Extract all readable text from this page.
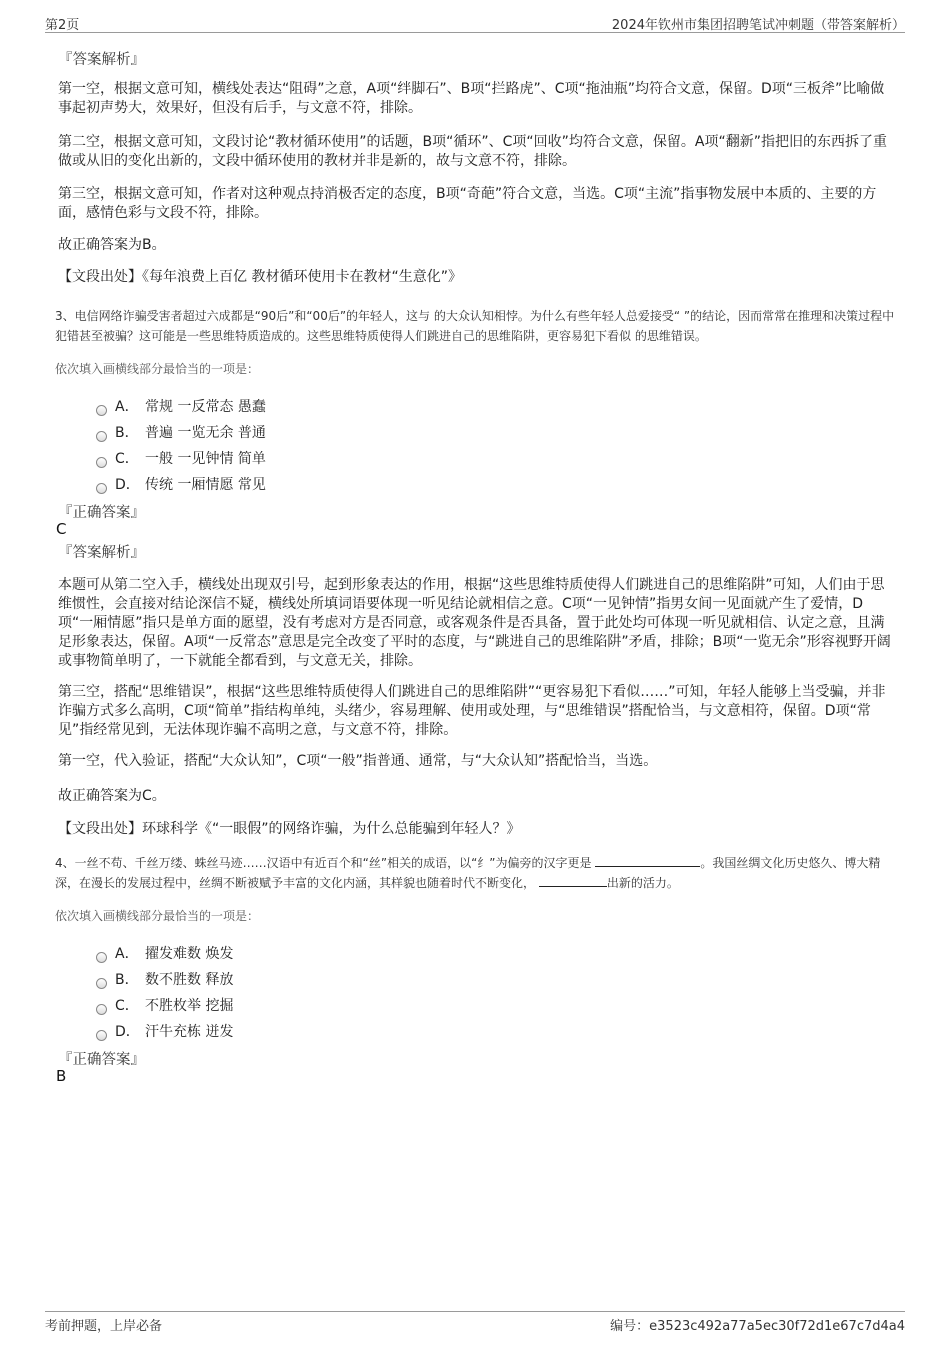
第2页	2024年钦州市集团招聘笔试冲刺题（带答案解析）
『答案解析』
第一空，根据文意可知，横线处表达“阻碍”之意，A项“绊脚石”、B项“拦路虎”、C项“拖油瓶”均符合文意，保留。D项“三板斧”比喻做事起初声势大，效果好，但没有后手，与文意不符，排除。
第二空，根据文意可知，文段讨论“教材循环使用”的话题，B项“循环”、C项“回收”均符合文意，保留。A项“翻新”指把旧的东西拆了重做或从旧的变化出新的，文段中循环使用的教材并非是新的，故与文意不符，排除。
第三空，根据文意可知，作者对这种观点持消极否定的态度，B项“奇葩”符合文意，当选。C项“主流”指事物发展中本质的、主要的方面，感情色彩与文段不符，排除。
故正确答案为B。
【文段出处】《每年浪费上百亿 教材循环使用卡在教材“生意化”》
3、电信网络诈骗受害者超过六成都是“90后”和“00后”的年轻人，这与 的大众认知相悖。为什么有些年轻人总爱接受“ ”的结论，因而常常在推理和决策过程中犯错甚至被骗？这可能是一些思维特质造成的。这些思维特质使得人们跳进自己的思维陷阱，更容易犯下看似 的思维错误。
依次填入画横线部分最恰当的一项是：
A． 常规 一反常态 愚蠢
B． 普遍 一览无余 普通
C． 一般 一见钟情 简单
D． 传统 一厢情愿 常见
『正确答案』
C
『答案解析』
本题可从第二空入手，横线处出现双引号，起到形象表达的作用，根据“这些思维特质使得人们跳进自己的思维陷阱”可知，人们由于思维惯性，会直接对结论深信不疑，横线处所填词语要体现一听见结论就相信之意。C项“一见钟情”指男女间一见面就产生了爱情，D项“一厢情愿”指只是单方面的愿望，没有考虑对方是否同意，或客观条件是否具备，置于此处均可体现一听见就相信、认定之意，且满足形象表达，保留。A项“一反常态”意思是完全改变了平时的态度，与“跳进自己的思维陷阱”矛盾，排除；B项“一览无余”形容视野开阔或事物简单明了，一下就能全都看到，与文意无关，排除。
第三空，搭配“思维错误”，根据“这些思维特质使得人们跳进自己的思维陷阱”“更容易犯下看似……”可知，年轻人能够上当受骗，并非诈骗方式多么高明，C项“简单”指结构单纯，头绪少，容易理解、使用或处理，与“思维错误”搭配恰当，与文意相符，保留。D项“常见”指经常见到，无法体现诈骗不高明之意，与文意不符，排除。
第一空，代入验证，搭配“大众认知”，C项“一般”指普通、通常，与“大众认知”搭配恰当，当选。
故正确答案为C。
【文段出处】环球科学《“一眼假”的网络诈骗，为什么总能骗到年轻人？》
4、一丝不苟、千丝万缕、蛛丝马迹……汉语中有近百个和“丝”相关的成语，以“纟”为偏旁的汉字更是	。我国丝绸文化历史悠久、博大精深，在漫长的发展过程中，丝绸不断被赋予丰富的文化内涵，其样貌也随着时代不断变化，	出新的活力。
依次填入画横线部分最恰当的一项是：
A． 擢发难数 焕发
B． 数不胜数 释放
C． 不胜枚举 挖掘
D． 汗牛充栋 迸发
『正确答案』
B
考前押题，上岸必备	编号：e3523c492a77a5ec30f72d1e67c7d4a4
